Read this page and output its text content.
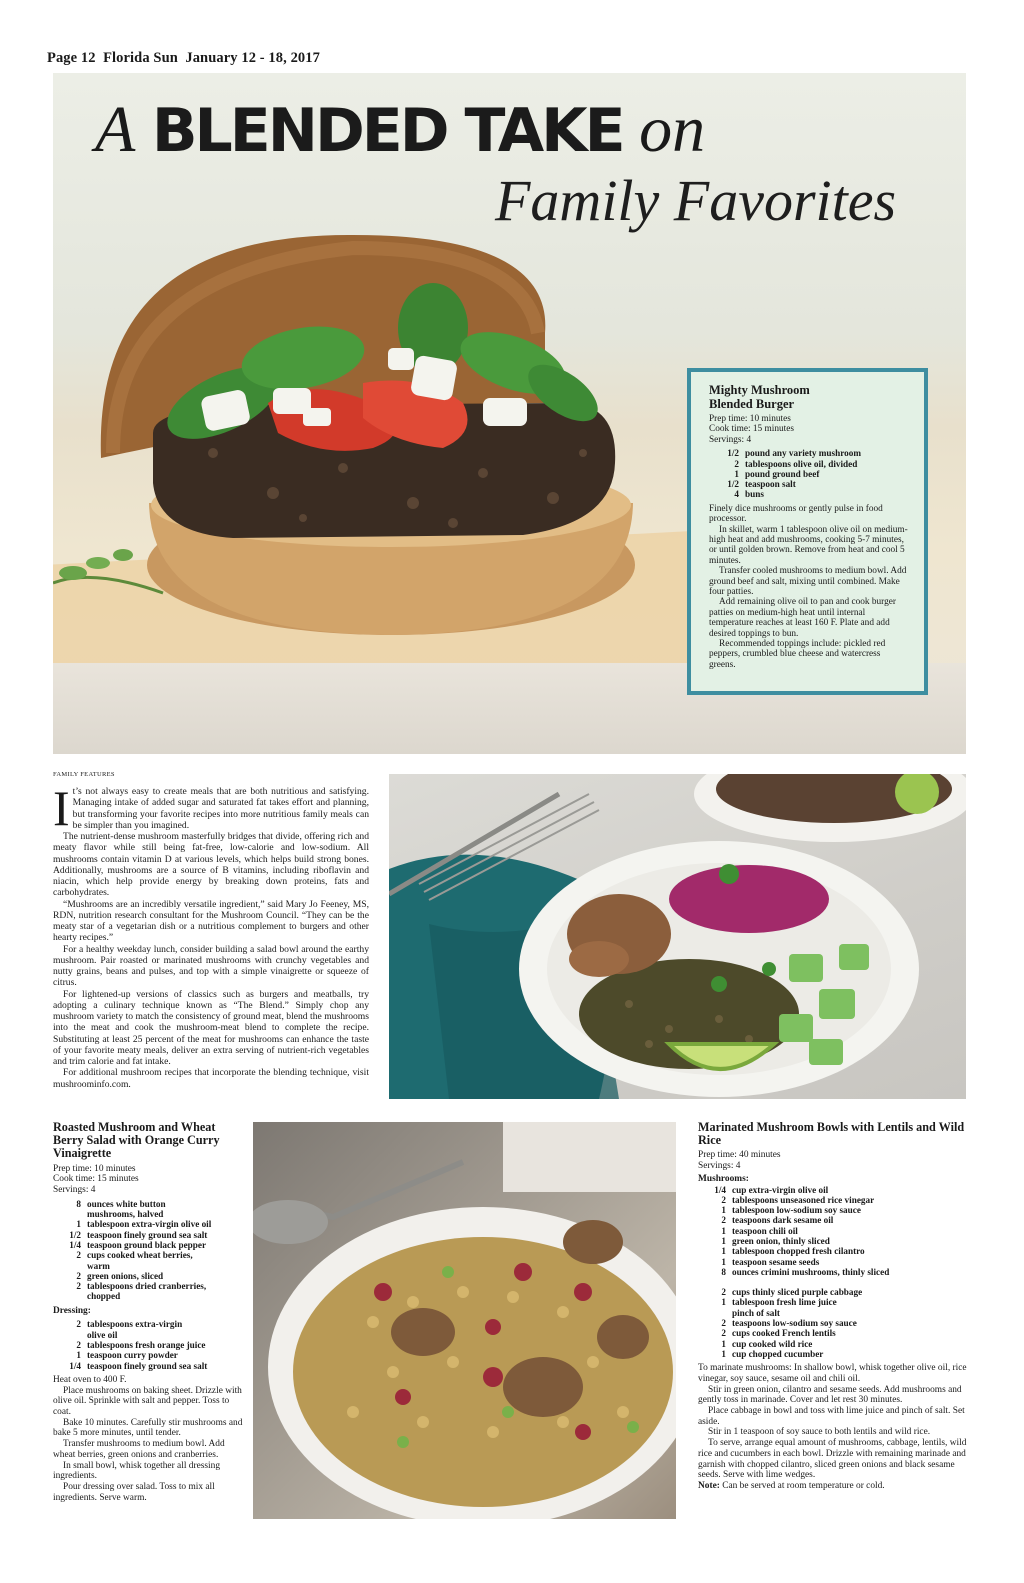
Page 12  Florida Sun  January 12 - 18, 2017
A BLENDED TAKE on
Family Favorites
Mighty Mushroom
Blended Burger
Prep time: 10 minutes
Cook time: 15 minutes
Servings: 4
1/2 pound any variety mushroom
2 tablespoons olive oil, divided
1 pound ground beef
1/2 teaspoon salt
4 buns

Finely dice mushrooms or gently pulse in food processor.

In skillet, warm 1 tablespoon olive oil on medium-high heat and add mushrooms, cooking 5-7 minutes, or until golden brown. Remove from heat and cool 5 minutes.

Transfer cooled mushrooms to medium bowl. Add ground beef and salt, mixing until combined. Make four patties.

Add remaining olive oil to pan and cook burger patties on medium-high heat until internal temperature reaches at least 160 F. Plate and add desired toppings to bun.

Recommended toppings include: pickled red peppers, crumbled blue cheese and watercress greens.

FAMILY FEATURES

It’s not always easy to create meals that are both nutritious and satisfying. Managing intake of added sugar and saturated fat takes effort and planning, but transforming your favorite recipes into more nutritious family meals can be simpler than you imagined.

The nutrient-dense mushroom masterfully bridges that divide, offering rich and meaty flavor while still being fat-free, low-calorie and low-sodium. All mushrooms contain vitamin D at various levels, which helps build strong bones. Additionally, mushrooms are a source of B vitamins, including riboflavin and niacin, which help provide energy by breaking down proteins, fats and carbohydrates.

“Mushrooms are an incredibly versatile ingredient,” said Mary Jo Feeney, MS, RDN, nutrition research consultant for the Mushroom Council. “They can be the meaty star of a vegetarian dish or a nutritious complement to burgers and other hearty recipes.”

For a healthy weekday lunch, consider building a salad bowl around the earthy mushroom. Pair roasted or marinated mushrooms with crunchy vegetables and nutty grains, beans and pulses, and top with a simple vinaigrette or squeeze of citrus.

For lightened-up versions of classics such as burgers and meatballs, try adopting a culinary technique known as “The Blend.” Simply chop any mushroom variety to match the consistency of ground meat, blend the mushrooms into the meat and cook the mushroom-meat blend to complete the recipe. Substituting at least 25 percent of the meat for mushrooms can enhance the taste of your favorite meaty meals, deliver an extra serving of nutrient-rich vegetables and trim calorie and fat intake.

For additional mushroom recipes that incorporate the blending technique, visit mushroominfo.com.

Roasted Mushroom and Wheat Berry Salad with Orange Curry Vinaigrette
Prep time: 10 minutes
Cook time: 15 minutes
Servings: 4
8 ounces white button
mushrooms, halved
1 tablespoon extra-virgin olive oil
1/2 teaspoon finely ground sea salt
1/4 teaspoon ground black pepper
2 cups cooked wheat berries,
warm
2 green onions, sliced
2 tablespoons dried cranberries,
chopped
Dressing:
2 tablespoons extra-virgin
olive oil
2 tablespoons fresh orange juice
1 teaspoon curry powder
1/4 teaspoon finely ground sea salt

Heat oven to 400 F.

Place mushrooms on baking sheet. Drizzle with olive oil. Sprinkle with salt and pepper. Toss to coat.

Bake 10 minutes. Carefully stir mushrooms and bake 5 more minutes, until tender.

Transfer mushrooms to medium bowl. Add wheat berries, green onions and cranberries.

In small bowl, whisk together all dressing ingredients.

Pour dressing over salad. Toss to mix all ingredients. Serve warm.

Marinated Mushroom Bowls with Lentils and Wild Rice
Prep time: 40 minutes
Servings: 4
Mushrooms:
1/4 cup extra-virgin olive oil
2 tablespoons unseasoned rice vinegar
1 tablespoon low-sodium soy sauce
2 teaspoons dark sesame oil
1 teaspoon chili oil
1 green onion, thinly sliced
1 tablespoon chopped fresh cilantro
1 teaspoon sesame seeds
8 ounces crimini mushrooms, thinly sliced
2 cups thinly sliced purple cabbage
1 tablespoon fresh lime juice
pinch of salt
2 teaspoons low-sodium soy sauce
2 cups cooked French lentils
1 cup cooked wild rice
1 cup chopped cucumber

To marinate mushrooms: In shallow bowl, whisk together olive oil, rice vinegar, soy sauce, sesame oil and chili oil.

Stir in green onion, cilantro and sesame seeds. Add mushrooms and gently toss in marinade. Cover and let rest 30 minutes.

Place cabbage in bowl and toss with lime juice and pinch of salt. Set aside.

Stir in 1 teaspoon of soy sauce to both lentils and wild rice.

To serve, arrange equal amount of mushrooms, cabbage, lentils, wild rice and cucumbers in each bowl. Drizzle with remaining marinade and garnish with chopped cilantro, sliced green onions and black sesame seeds. Serve with lime wedges.

Note: Can be served at room temperature or cold.
